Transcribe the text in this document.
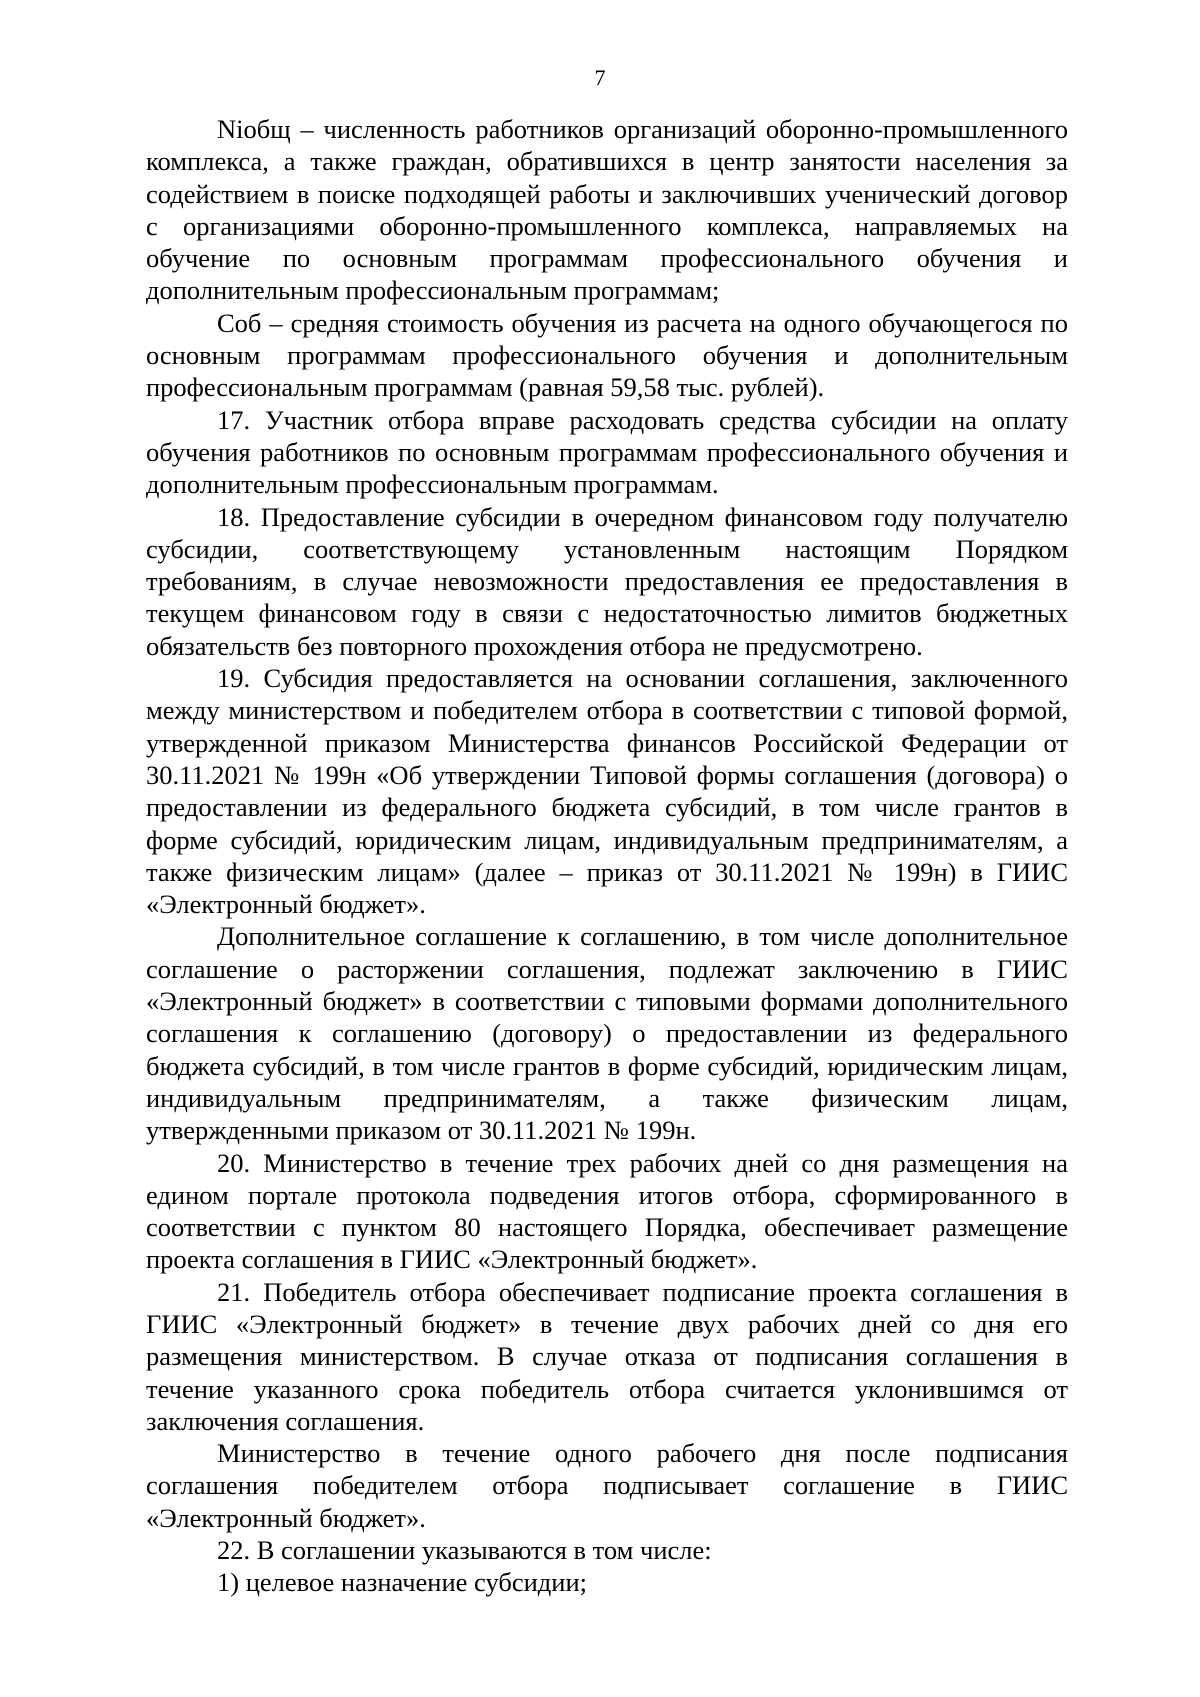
7

Niобщ – численность работников организаций оборонно-промышленного комплекса, а также граждан, обратившихся в центр занятости населения за содействием в поиске подходящей работы и заключивших ученический договор с организациями оборонно-промышленного комплекса, направляемых на обучение по основным программам профессионального обучения и дополнительным профессиональным программам;

Соб – средняя стоимость обучения из расчета на одного обучающегося по основным программам профессионального обучения и дополнительным профессиональным программам (равная 59,58 тыс. рублей).

17. Участник отбора вправе расходовать средства субсидии на оплату обучения работников по основным программам профессионального обучения и дополнительным профессиональным программам.

18. Предоставление субсидии в очередном финансовом году получателю субсидии, соответствующему установленным настоящим Порядком требованиям, в случае невозможности предоставления ее предоставления в текущем финансовом году в связи с недостаточностью лимитов бюджетных обязательств без повторного прохождения отбора не предусмотрено.

19. Субсидия предоставляется на основании соглашения, заключенного между министерством и победителем отбора в соответствии с типовой формой, утвержденной приказом Министерства финансов Российской Федерации от 30.11.2021 № 199н «Об утверждении Типовой формы соглашения (договора) о предоставлении из федерального бюджета субсидий, в том числе грантов в форме субсидий, юридическим лицам, индивидуальным предпринимателям, а также физическим лицам» (далее – приказ от 30.11.2021 № 199н) в ГИИС «Электронный бюджет».

Дополнительное соглашение к соглашению, в том числе дополнительное соглашение о расторжении соглашения, подлежат заключению в ГИИС «Электронный бюджет» в соответствии с типовыми формами дополнительного соглашения к соглашению (договору) о предоставлении из федерального бюджета субсидий, в том числе грантов в форме субсидий, юридическим лицам, индивидуальным предпринимателям, а также физическим лицам, утвержденными приказом от 30.11.2021 № 199н.

20. Министерство в течение трех рабочих дней со дня размещения на едином портале протокола подведения итогов отбора, сформированного в соответствии с пунктом 80 настоящего Порядка, обеспечивает размещение проекта соглашения в ГИИС «Электронный бюджет».

21. Победитель отбора обеспечивает подписание проекта соглашения в ГИИС «Электронный бюджет» в течение двух рабочих дней со дня его размещения министерством. В случае отказа от подписания соглашения в течение указанного срока победитель отбора считается уклонившимся от заключения соглашения.

Министерство в течение одного рабочего дня после подписания соглашения победителем отбора подписывает соглашение в ГИИС «Электронный бюджет».

22. В соглашении указываются в том числе:

1) целевое назначение субсидии;
